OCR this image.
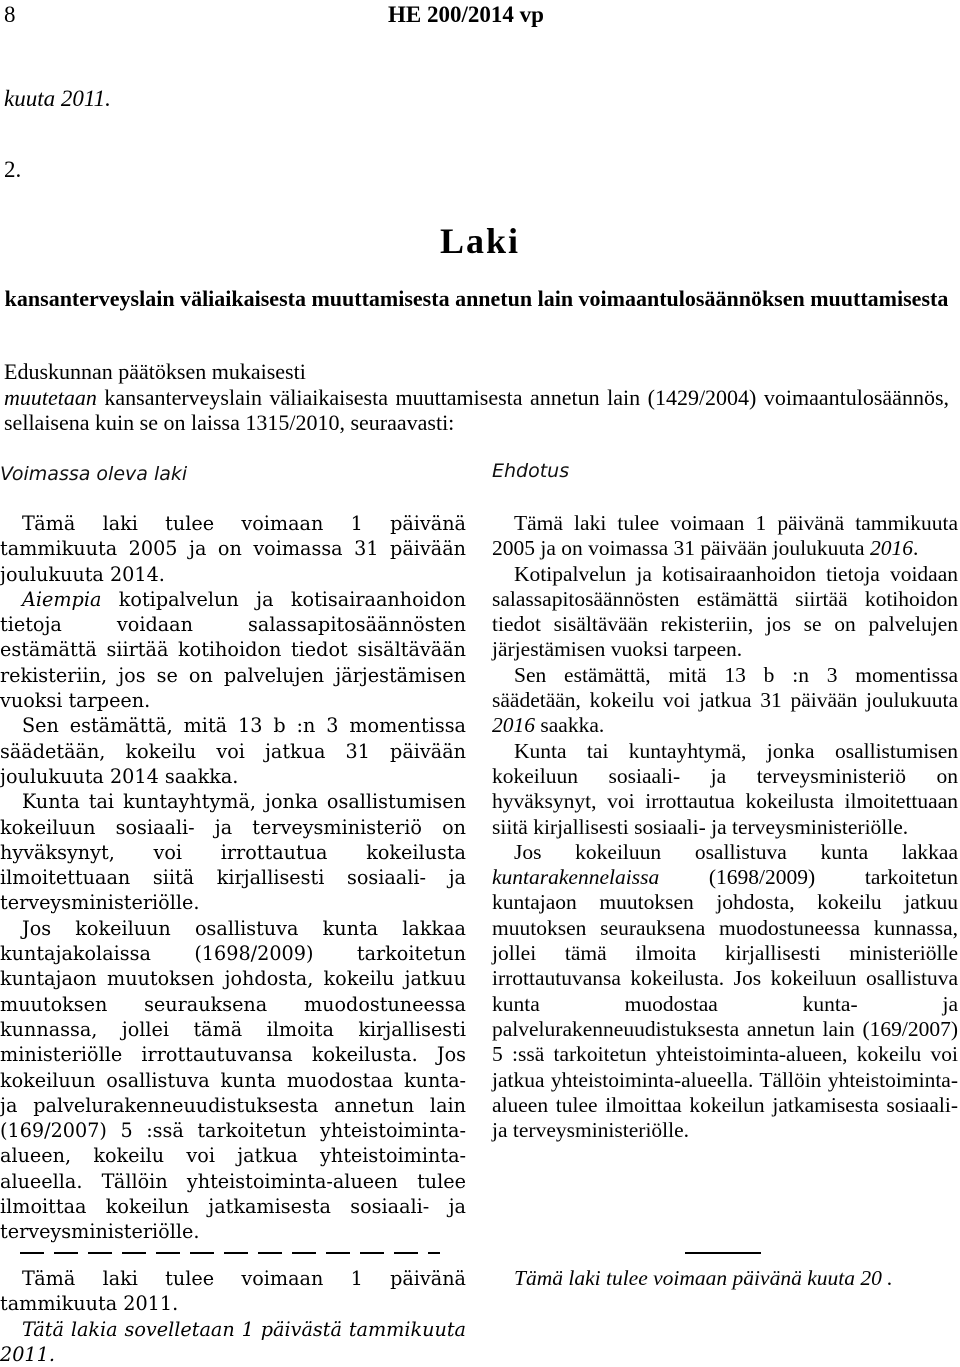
8	HE 200/2014 vp
kuuta 2011.
2.
Laki
kansanterveyslain väliaikaisesta muuttamisesta annetun lain voimaantulosäännöksen muuttamisesta

Eduskunnan päätöksen mukaisesti

muutetaan kansanterveyslain väliaikaisesta muuttamisesta annetun lain (1429/2004) voimaantulosäännös, sellaisena kuin se on laissa 1315/2010, seuraavasti:

Voimassa oleva laki

Tämä laki tulee voimaan 1 päivänä tammikuuta 2005 ja on voimassa 31 päivään joulukuuta 2014.

Aiempia kotipalvelun ja kotisairaanhoidon tietoja voidaan salassapitosäännösten estämättä siirtää kotihoidon tiedot sisältävään rekisteriin, jos se on palvelujen järjestämisen vuoksi tarpeen.

Sen estämättä, mitä 13 b :n 3 momentissa säädetään, kokeilu voi jatkua 31 päivään joulukuuta 2014 saakka.

Kunta tai kuntayhtymä, jonka osallistumisen kokeiluun sosiaali- ja terveysministeriö on hyväksynyt, voi irrottautua kokeilusta ilmoitettuaan siitä kirjallisesti sosiaali- ja terveysministeriölle.

Jos kokeiluun osallistuva kunta lakkaa kuntajakolaissa (1698/2009) tarkoitetun kuntajaon muutoksen johdosta, kokeilu jatkuu muutoksen seurauksena muodostuneessa kunnassa, jollei tämä ilmoita kirjallisesti ministeriölle irrottautuvansa kokeilusta. Jos kokeiluun osallistuva kunta muodostaa kunta- ja palvelurakenneuudistuksesta annetun lain (169/2007) 5 :ssä tarkoitetun yhteistoiminta-alueen, kokeilu voi jatkua yhteistoiminta-alueella. Tällöin yhteistoiminta-alueen tulee ilmoittaa kokeilun jatkamisesta sosiaali- ja terveysministeriölle.

Tämä laki tulee voimaan 1 päivänä tammikuuta 2011.

Tätä lakia sovelletaan 1 päivästä tammikuuta 2011.

Ehdotus

Tämä laki tulee voimaan 1 päivänä tammikuuta 2005 ja on voimassa 31 päivään joulukuuta 2016.

Kotipalvelun ja kotisairaanhoidon tietoja voidaan salassapitosäännösten estämättä siirtää kotihoidon tiedot sisältävään rekisteriin, jos se on palvelujen järjestämisen vuoksi tarpeen.

Sen estämättä, mitä 13 b :n 3 momentissa säädetään, kokeilu voi jatkua 31 päivään joulukuuta 2016 saakka.

Kunta tai kuntayhtymä, jonka osallistumisen kokeiluun sosiaali- ja terveysministeriö on hyväksynyt, voi irrottautua kokeilusta ilmoitettuaan siitä kirjallisesti sosiaali- ja terveysministeriölle.

Jos kokeiluun osallistuva kunta lakkaa kuntarakennelaissa (1698/2009) tarkoitetun kuntajaon muutoksen johdosta, kokeilu jatkuu muutoksen seurauksena muodostuneessa kunnassa, jollei tämä ilmoita kirjallisesti ministeriölle irrottautuvansa kokeilusta. Jos kokeiluun osallistuva kunta muodostaa kunta- ja palvelurakenneuudistuksesta annetun lain (169/2007) 5 :ssä tarkoitetun yhteistoiminta-alueen, kokeilu voi jatkua yhteistoiminta-alueella. Tällöin yhteistoiminta-alueen tulee ilmoittaa kokeilun jatkamisesta sosiaali- ja terveysministeriölle.

Tämä laki tulee voimaan päivänä kuuta 20 .
